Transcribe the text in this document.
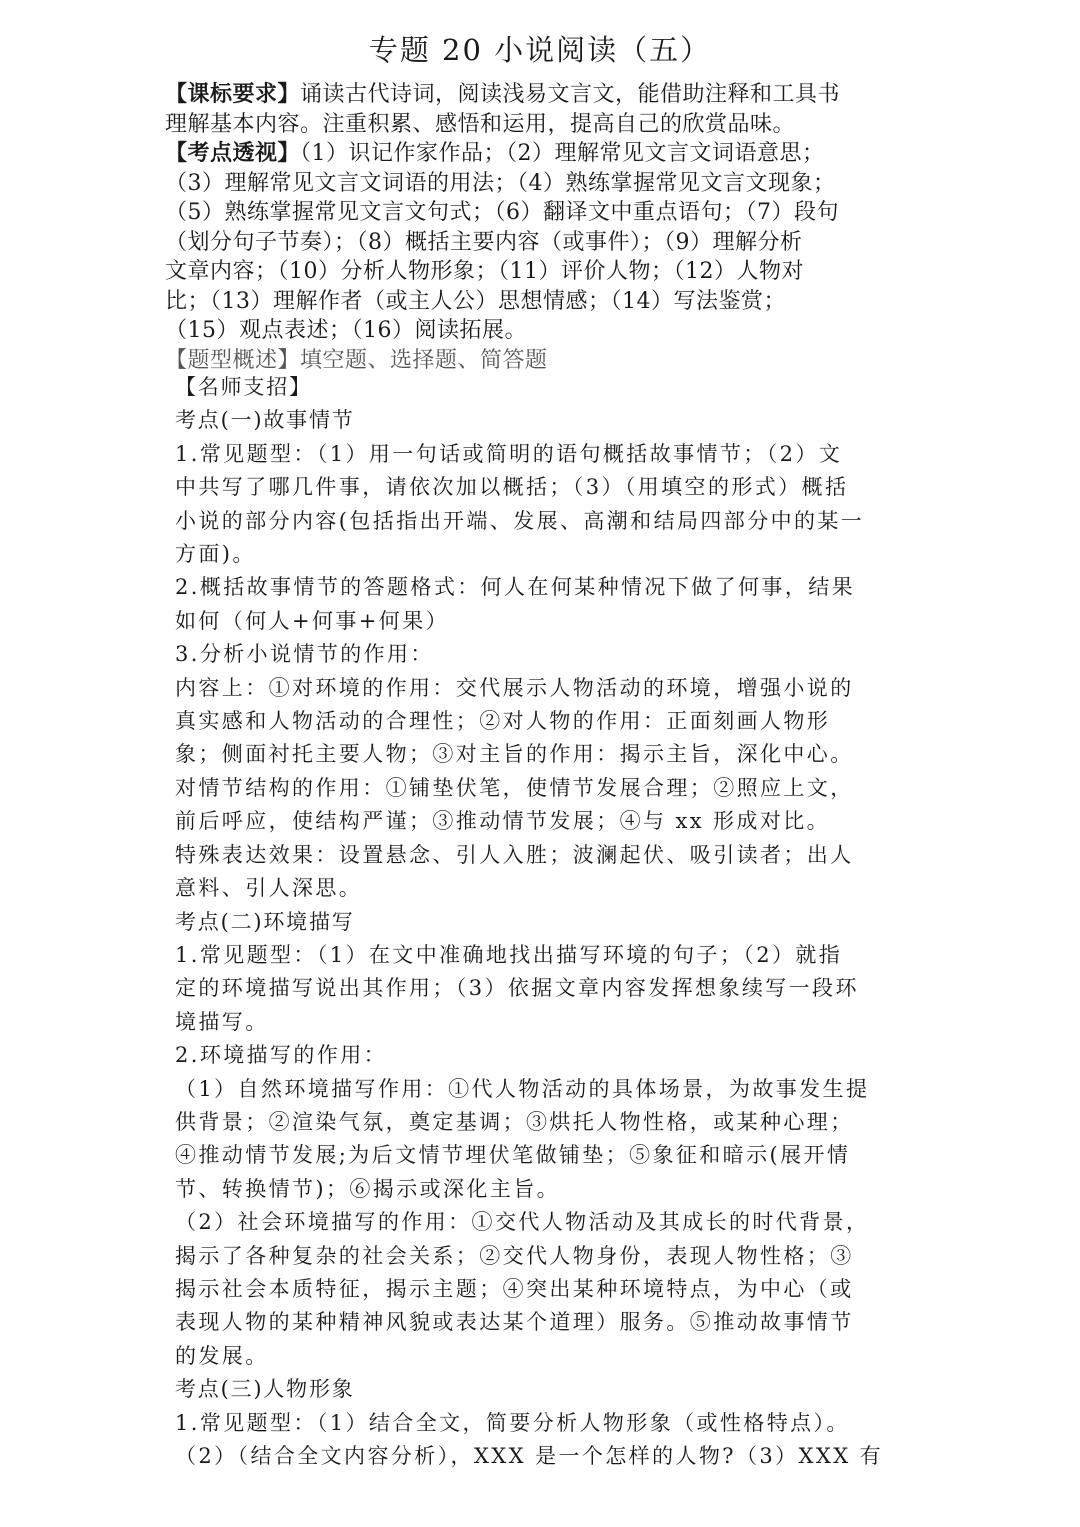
专题 20 小说阅读（五）
【课标要求】诵读古代诗词，阅读浅易文言文，能借助注释和工具书
理解基本内容。注重积累、感悟和运用，提高自己的欣赏品味。
【考点透视】（1）识记作家作品；（2）理解常见文言文词语意思；
（3）理解常见文言文词语的用法；（4）熟练掌握常见文言文现象；
（5）熟练掌握常见文言文句式；（6）翻译文中重点语句；（7）段句
（划分句子节奏）；（8）概括主要内容（或事件）；（9）理解分析
文章内容；（10）分析人物形象；（11）评价人物；（12）人物对
比；（13）理解作者（或主人公）思想情感；（14）写法鉴赏；
（15）观点表述；（16）阅读拓展。
【题型概述】填空题、选择题、简答题
【名师支招】
考点(一)故事情节
1.常见题型：（1）用一句话或简明的语句概括故事情节；（2）文
中共写了哪几件事，请依次加以概括；（3）（用填空的形式）概括
小说的部分内容(包括指出开端、发展、高潮和结局四部分中的某一
方面)。
2.概括故事情节的答题格式：何人在何某种情况下做了何事，结果
如何（何人+何事+何果）
3.分析小说情节的作用：
内容上：①对环境的作用：交代展示人物活动的环境，增强小说的
真实感和人物活动的合理性；②对人物的作用：正面刻画人物形
象；侧面衬托主要人物；③对主旨的作用：揭示主旨，深化中心。
对情节结构的作用：①铺垫伏笔，使情节发展合理；②照应上文，
前后呼应，使结构严谨；③推动情节发展；④与 xx 形成对比。
特殊表达效果：设置悬念、引人入胜；波澜起伏、吸引读者；出人
意料、引人深思。
考点(二)环境描写
1.常见题型：（1）在文中准确地找出描写环境的句子；（2）就指
定的环境描写说出其作用；（3）依据文章内容发挥想象续写一段环
境描写。
2.环境描写的作用：
（1）自然环境描写作用：①代人物活动的具体场景，为故事发生提
供背景；②渲染气氛，奠定基调；③烘托人物性格，或某种心理；
④推动情节发展;为后文情节埋伏笔做铺垫；⑤象征和暗示(展开情
节、转换情节)；⑥揭示或深化主旨。
（2）社会环境描写的作用：①交代人物活动及其成长的时代背景，
揭示了各种复杂的社会关系；②交代人物身份，表现人物性格；③
揭示社会本质特征，揭示主题；④突出某种环境特点，为中心（或
表现人物的某种精神风貌或表达某个道理）服务。⑤推动故事情节
的发展。
考点(三)人物形象
1.常见题型：（1）结合全文，简要分析人物形象（或性格特点）。
（2）（结合全文内容分析），XXX 是一个怎样的人物?（3）XXX 有
